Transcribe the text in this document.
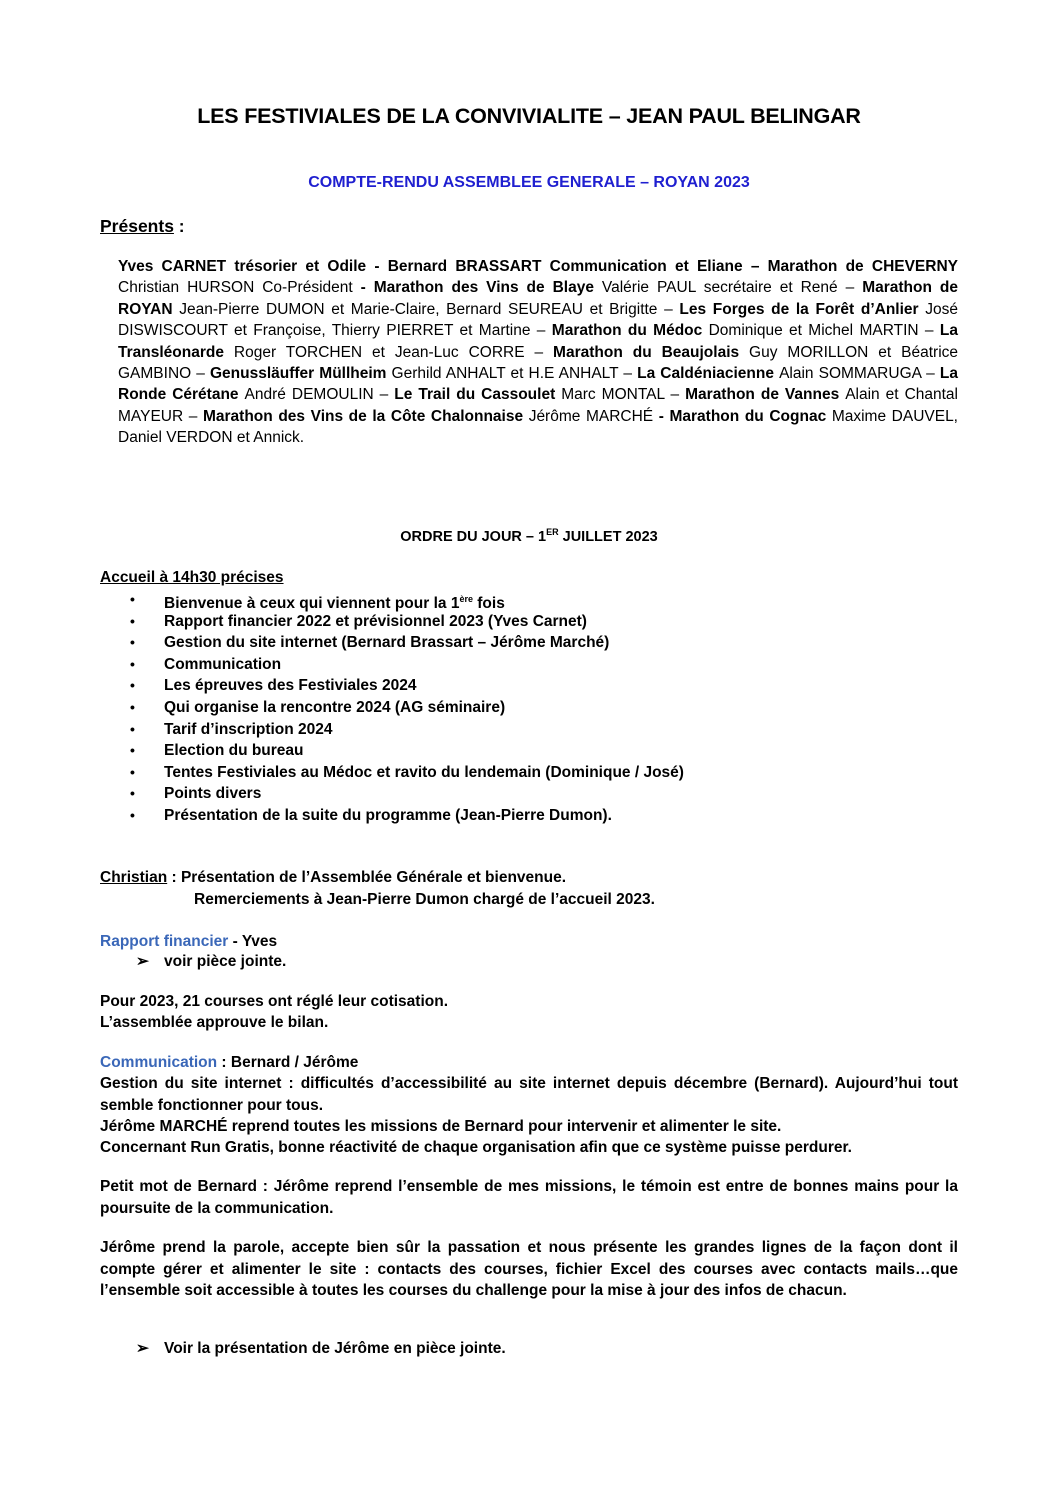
LES FESTIVIALES DE LA CONVIVIALITE – JEAN PAUL BELINGAR
COMPTE-RENDU ASSEMBLEE GENERALE – ROYAN 2023
Présents :
Yves CARNET trésorier et Odile - Bernard BRASSART Communication et Eliane – Marathon de CHEVERNY Christian HURSON Co-Président - Marathon des Vins de Blaye Valérie PAUL secrétaire et René – Marathon de ROYAN Jean-Pierre DUMON et Marie-Claire, Bernard SEUREAU et Brigitte – Les Forges de la Forêt d’Anlier José DISWISCOURT et Françoise, Thierry PIERRET et Martine – Marathon du Médoc Dominique et Michel MARTIN – La Transléonarde Roger TORCHEN et Jean-Luc CORRE – Marathon du Beaujolais Guy MORILLON et Béatrice GAMBINO – Genussläuffer Müllheim Gerhild ANHALT et H.E ANHALT – La Caldéniacienne Alain SOMMARUGA – La Ronde Cérétane André DEMOULIN – Le Trail du Cassoulet Marc MONTAL – Marathon de Vannes Alain et Chantal MAYEUR – Marathon des Vins de la Côte Chalonnaise Jérôme MARCHÉ - Marathon du Cognac Maxime DAUVEL, Daniel VERDON et Annick.
ORDRE DU JOUR – 1ER JUILLET 2023
Accueil à 14h30 précises
• Bienvenue à ceux qui viennent pour la 1ère fois
• Rapport financier 2022 et prévisionnel 2023 (Yves Carnet)
• Gestion du site internet (Bernard Brassart – Jérôme Marché)
• Communication
• Les épreuves des Festiviales 2024
• Qui organise la rencontre 2024 (AG séminaire)
• Tarif d’inscription 2024
• Election du bureau
• Tentes Festiviales au Médoc et ravito du lendemain (Dominique / José)
• Points divers
• Présentation de la suite du programme (Jean-Pierre Dumon).
Christian : Présentation de l’Assemblée Générale et bienvenue.
Remerciements à Jean-Pierre Dumon chargé de l’accueil 2023.
Rapport financier - Yves
➢ voir pièce jointe.
Pour 2023, 21 courses ont réglé leur cotisation.
L’assemblée approuve le bilan.
Communication : Bernard / Jérôme
Gestion du site internet : difficultés d’accessibilité au site internet depuis décembre (Bernard). Aujourd’hui tout semble fonctionner pour tous.
Jérôme MARCHÉ reprend toutes les missions de Bernard pour intervenir et alimenter le site.
Concernant Run Gratis, bonne réactivité de chaque organisation afin que ce système puisse perdurer.
Petit mot de Bernard : Jérôme reprend l’ensemble de mes missions, le témoin est entre de bonnes mains pour la poursuite de la communication.
Jérôme prend la parole, accepte bien sûr la passation et nous présente les grandes lignes de la façon dont il compte gérer et alimenter le site : contacts des courses, fichier Excel des courses avec contacts mails…que l’ensemble soit accessible à toutes les courses du challenge pour la mise à jour des infos de chacun.
➢ Voir la présentation de Jérôme en pièce jointe.
